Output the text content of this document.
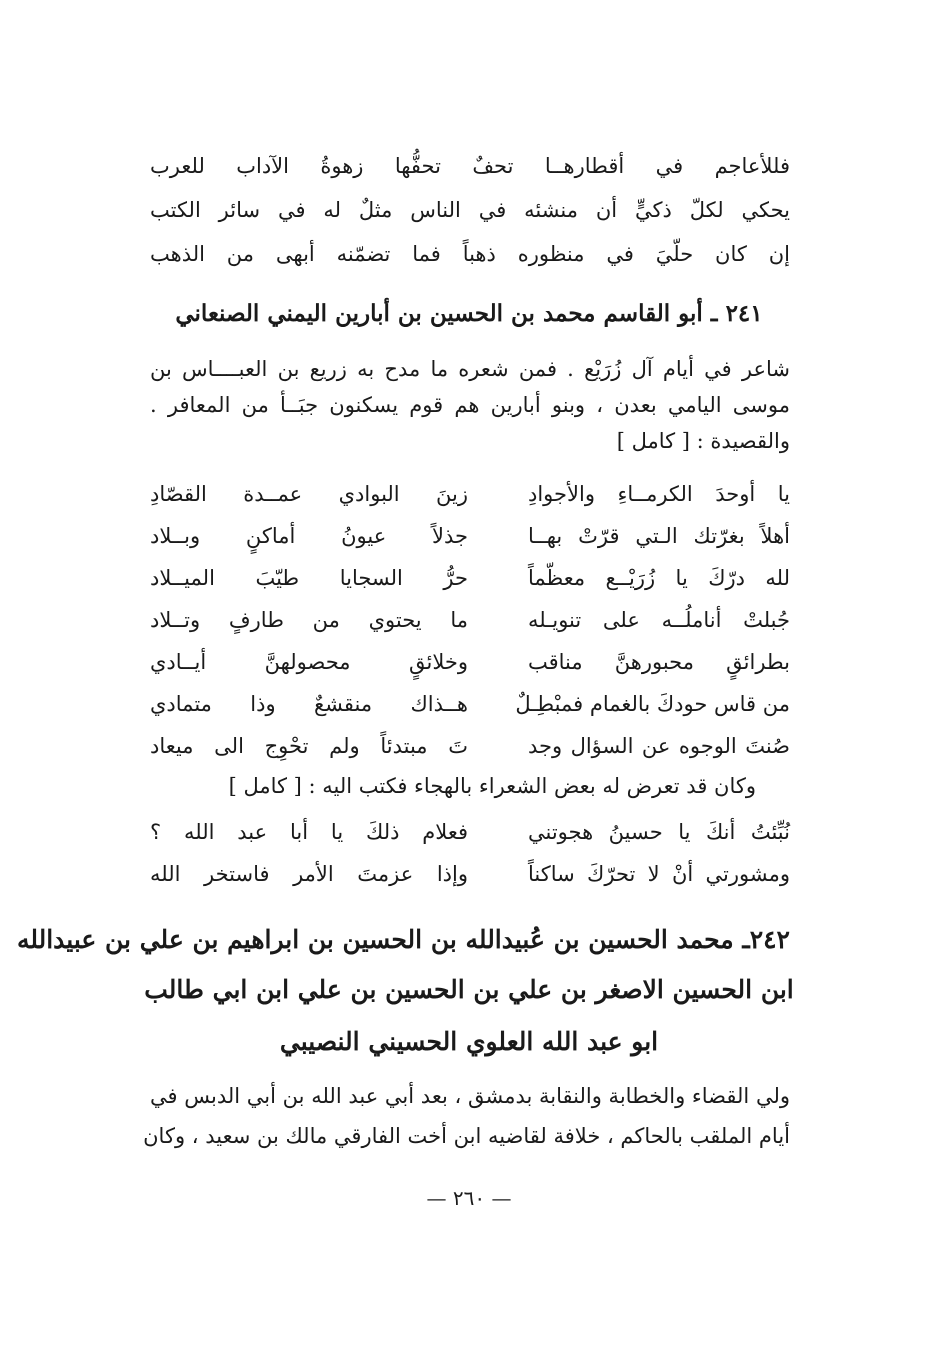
فللأعاجم في أقطارهــا تحفٌ تحفُّها زهوةُ الآداب للعرب
يحكي لكلّ ذكيٍّ أن منشئه في الناس مثلٌ له في سائر الكتب
إن كان حلّيَ في منظوره ذهباً فما تضمّنه أبهى من الذهب
٢٤١ ـ أبو القاسم محمد بن الحسين بن أبارين اليمني الصنعاني
شاعر في أيام آل زُرَيْع . فمن شعره ما مدح به زريع بن العبــــاس بن
موسى اليامي بعدن ، وبنو أبارين هم قوم يسكنون جبَــأ من المعافر .
والقصيدة : [ كامل ]
يا أوحدَ الكرمــاءِ والأجوادِ
زينَ البوادي عمــدة القصّادِ
أهلاً بغرّتك الـتي قرّتْ بهــا
جذلاً عيونُ أماكنٍ وبــلاد
لله درّكَ يا زُرَيْــع معظّماً
حرُّ السجايا طيّبَ الميــلاد
جُبلتْ أناملُــه على تنويـله
ما يحتوي من طارفٍ وتــلاد
بطرائقٍ محبورهنَّ مناقب
وخلائقٍ محصولهنَّ أيــادي
من قاس حودكَ بالغمام فمبْطِـلٌ
هــذاك منقشعٌ وذا متمادي
صُنتَ الوجوه عن السؤال وجد
تَ مبتدئاً ولم تحْوِج الى ميعاد
وكان قد تعرض له بعض الشعراء بالهجاء فكتب اليه : [ كامل ]
نُبِّئتُ أنكَ يا حسينُ هجوتني
فعلام ذلكَ يا أبا عبد الله ؟
ومشورتي أنْ لا تحرّكَ ساكناً
وإذا عزمتَ الأمر فاستخر الله
٢٤٢ـ محمد الحسين بن عُبيدالله بن الحسين بن ابراهيم بن علي بن عبيدالله
ابن الحسين الاصغر بن علي بن الحسين بن علي ابن ابي طالب
ابو عبد الله العلوي الحسيني النصيبي
ولي القضاء والخطابة والنقابة بدمشق ، بعد أبي عبد الله بن أبي الدبس في
أيام الملقب بالحاكم ، خلافة لقاضيه ابن أخت الفارقي مالك بن سعيد ، وكان
— ٢٦٠ —
